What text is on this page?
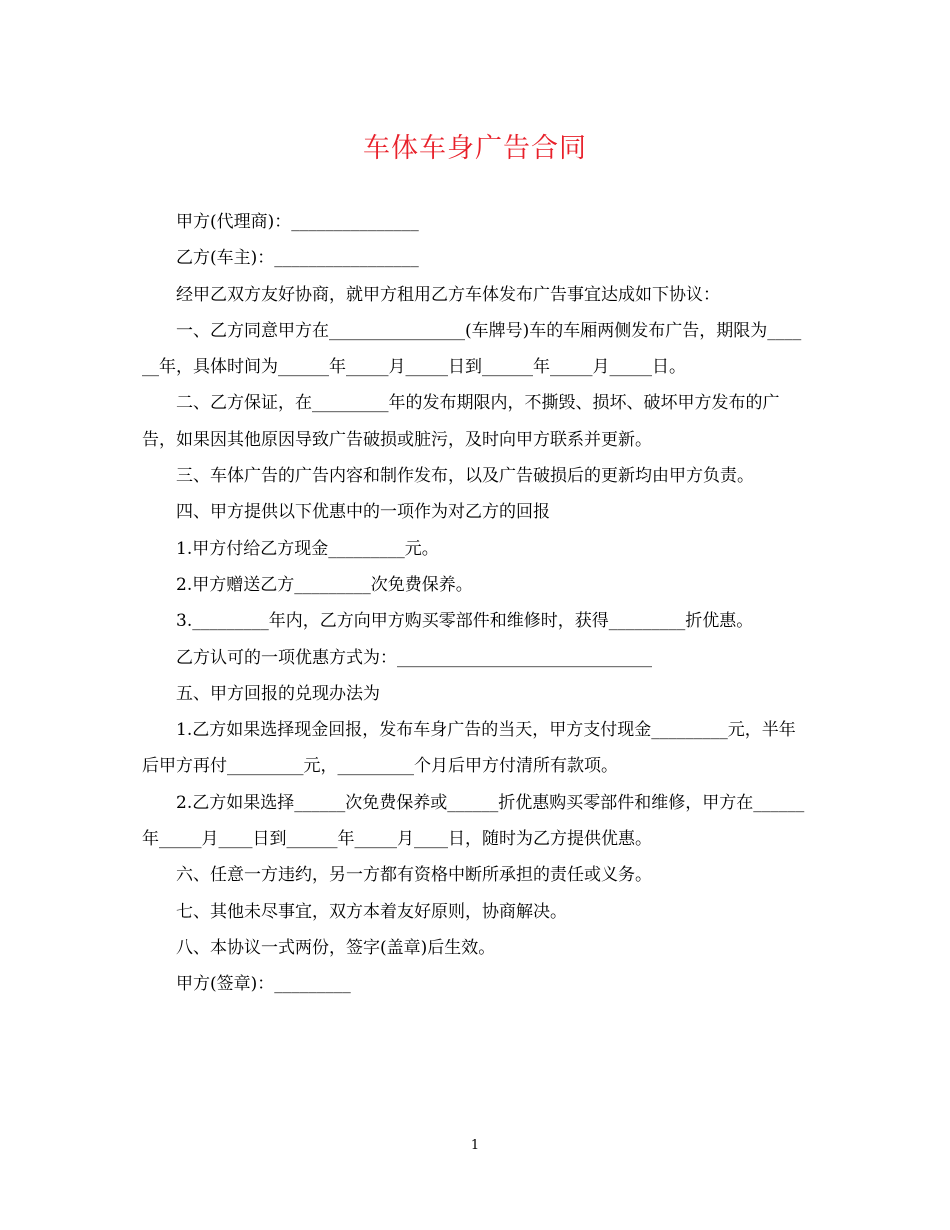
车体车身广告合同

甲方(代理商)：_______________

乙方(车主)：_________________

经甲乙双方友好协商，就甲方租用乙方车体发布广告事宜达成如下协议：

一、乙方同意甲方在________________(车牌号)车的车厢两侧发布广告，期限为______年，具体时间为______年_____月_____日到______年_____月_____日。

二、乙方保证，在_________年的发布期限内，不撕毁、损坏、破坏甲方发布的广告，如果因其他原因导致广告破损或脏污，及时向甲方联系并更新。

三、车体广告的广告内容和制作发布，以及广告破损后的更新均由甲方负责。

四、甲方提供以下优惠中的一项作为对乙方的回报

1.甲方付给乙方现金_________元。

2.甲方赠送乙方_________次免费保养。

3._________年内，乙方向甲方购买零部件和维修时，获得_________折优惠。

乙方认可的一项优惠方式为：______________________________

五、甲方回报的兑现办法为

1.乙方如果选择现金回报，发布车身广告的当天，甲方支付现金_________元，半年后甲方再付_________元，_________个月后甲方付清所有款项。

2.乙方如果选择______次免费保养或______折优惠购买零部件和维修，甲方在______年_____月____日到______年_____月____日，随时为乙方提供优惠。

六、任意一方违约，另一方都有资格中断所承担的责任或义务。

七、其他未尽事宜，双方本着友好原则，协商解决。

八、本协议一式两份，签字(盖章)后生效。

甲方(签章)：_________

1
